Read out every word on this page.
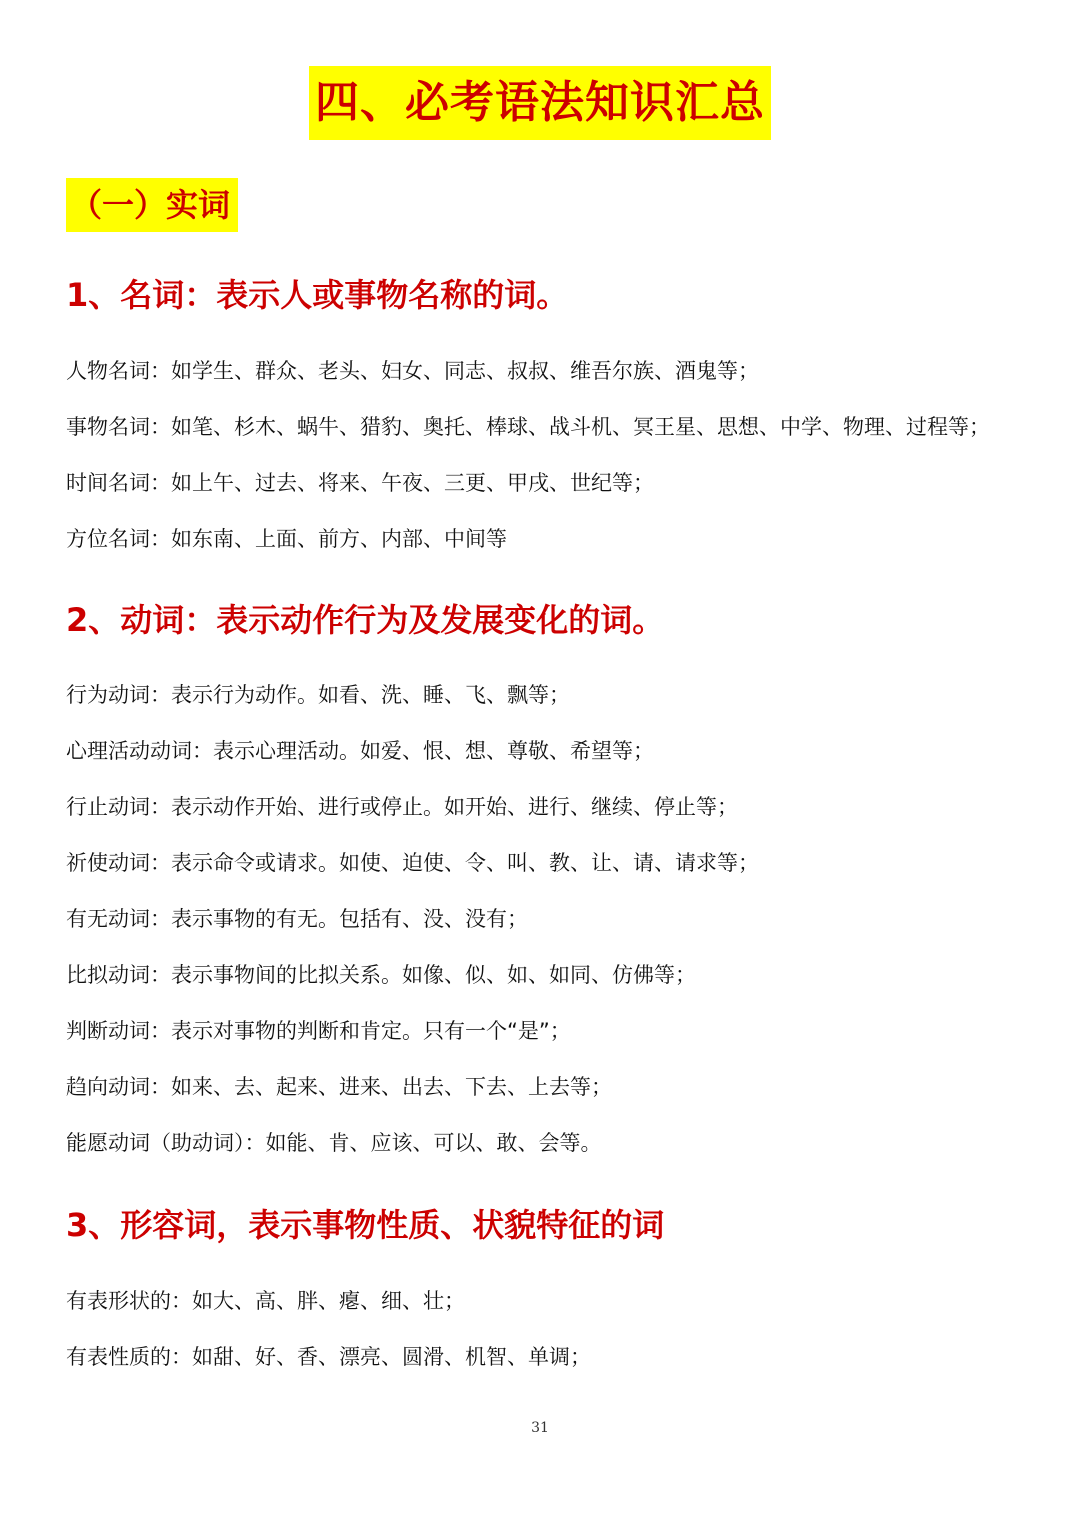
四、必考语法知识汇总
（一）实词
1、名词：表示人或事物名称的词。
人物名词：如学生、群众、老头、妇女、同志、叔叔、维吾尔族、酒鬼等；
事物名词：如笔、杉木、蜗牛、猎豹、奥托、棒球、战斗机、冥王星、思想、中学、物理、过程等；
时间名词：如上午、过去、将来、午夜、三更、甲戌、世纪等；
方位名词：如东南、上面、前方、内部、中间等
2、动词：表示动作行为及发展变化的词。
行为动词：表示行为动作。如看、洗、睡、飞、飘等；
心理活动动词：表示心理活动。如爱、恨、想、尊敬、希望等；
行止动词：表示动作开始、进行或停止。如开始、进行、继续、停止等；
祈使动词：表示命令或请求。如使、迫使、令、叫、教、让、请、请求等；
有无动词：表示事物的有无。包括有、没、没有；
比拟动词：表示事物间的比拟关系。如像、似、如、如同、仿佛等；
判断动词：表示对事物的判断和肯定。只有一个“是”；
趋向动词：如来、去、起来、进来、出去、下去、上去等；
能愿动词（助动词）：如能、肯、应该、可以、敢、会等。
3、形容词，表示事物性质、状貌特征的词
有表形状的：如大、高、胖、瘪、细、壮；
有表性质的：如甜、好、香、漂亮、圆滑、机智、单调；
31
